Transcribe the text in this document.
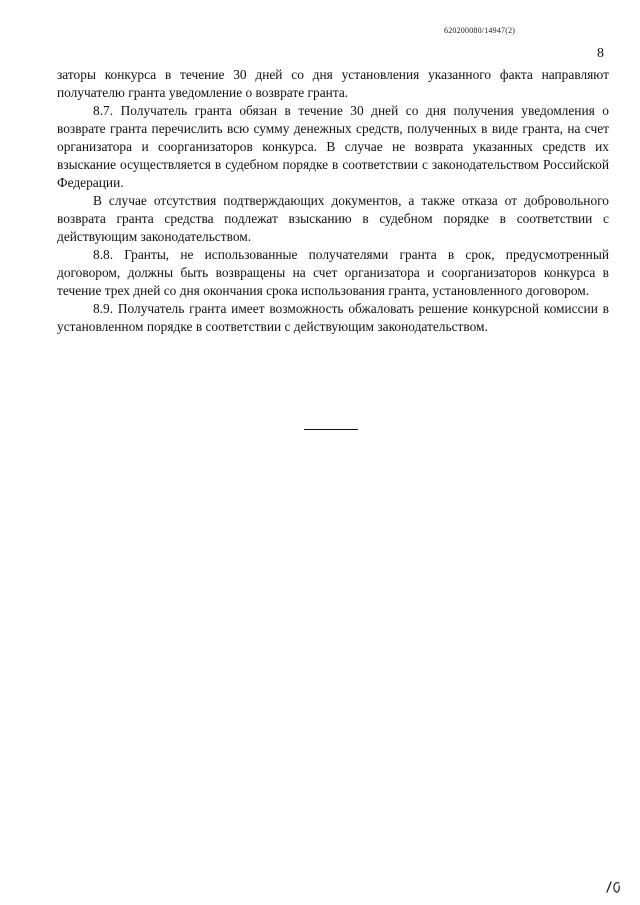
620200080/14947(2)
8

заторы конкурса в течение 30 дней со дня установления указанного факта направляют получателю гранта уведомление о возврате гранта.

8.7. Получатель гранта обязан в течение 30 дней со дня получения уведомления о возврате гранта перечислить всю сумму денежных средств, полученных в виде гранта, на счет организатора и соорганизаторов конкурса. В случае не возврата указанных средств их взыскание осуществляется в судебном порядке в соответствии с законодательством Российской Федерации.

В случае отсутствия подтверждающих документов, а также отказа от добровольного возврата гранта средства подлежат взысканию в судебном порядке в соответствии с действующим законодательством.

8.8. Гранты, не использованные получателями гранта в срок, предусмотренный договором, должны быть возвращены на счет организатора и соорганизаторов конкурса в течение трех дней со дня окончания срока использования гранта, установленного договором.

8.9. Получатель гранта имеет возможность обжаловать решение конкурсной комиссии в установленном порядке в соответствии с действующим законодательством.
